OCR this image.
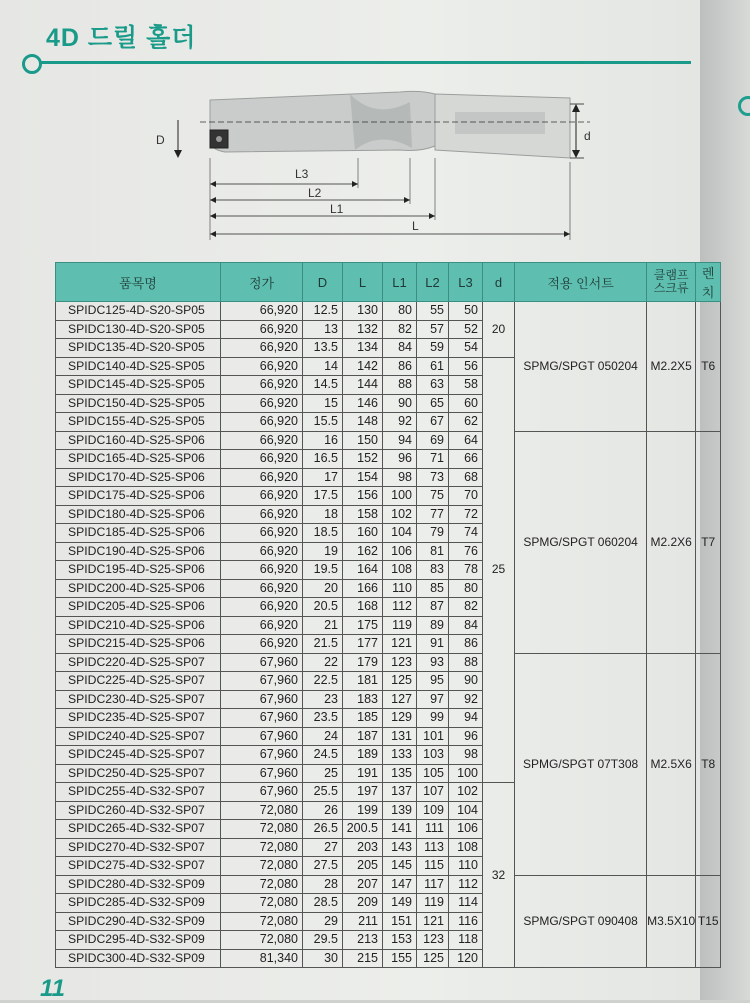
4D 드릴 홀더
D	d
L3
L2
L1
L
품목명	정가	D	L	L1	L2	L3	d	적용 인서트	클램프 스크류	렌치
SPIDC125-4D-S20-SP05	66,920	12.5	130	80	55	50	20	SPMG/SPGT 050204	M2.2X5	T6
SPIDC130-4D-S20-SP05	66,920	13	132	82	57	52				
SPIDC135-4D-S20-SP05	66,920	13.5	134	84	59	54				
SPIDC140-4D-S25-SP05	66,920	14	142	86	61	56	25			
SPIDC145-4D-S25-SP05	66,920	14.5	144	88	63	58				
SPIDC150-4D-S25-SP05	66,920	15	146	90	65	60				
SPIDC155-4D-S25-SP05	66,920	15.5	148	92	67	62				
SPIDC160-4D-S25-SP06	66,920	16	150	94	69	64		SPMG/SPGT 060204	M2.2X6	T7
SPIDC165-4D-S25-SP06	66,920	16.5	152	96	71	66				
SPIDC170-4D-S25-SP06	66,920	17	154	98	73	68				
SPIDC175-4D-S25-SP06	66,920	17.5	156	100	75	70				
SPIDC180-4D-S25-SP06	66,920	18	158	102	77	72				
SPIDC185-4D-S25-SP06	66,920	18.5	160	104	79	74				
SPIDC190-4D-S25-SP06	66,920	19	162	106	81	76				
SPIDC195-4D-S25-SP06	66,920	19.5	164	108	83	78				
SPIDC200-4D-S25-SP06	66,920	20	166	110	85	80				
SPIDC205-4D-S25-SP06	66,920	20.5	168	112	87	82				
SPIDC210-4D-S25-SP06	66,920	21	175	119	89	84				
SPIDC215-4D-S25-SP06	66,920	21.5	177	121	91	86				
SPIDC220-4D-S25-SP07	67,960	22	179	123	93	88		SPMG/SPGT 07T308	M2.5X6	T8
SPIDC225-4D-S25-SP07	67,960	22.5	181	125	95	90				
SPIDC230-4D-S25-SP07	67,960	23	183	127	97	92				
SPIDC235-4D-S25-SP07	67,960	23.5	185	129	99	94				
SPIDC240-4D-S25-SP07	67,960	24	187	131	101	96				
SPIDC245-4D-S25-SP07	67,960	24.5	189	133	103	98				
SPIDC250-4D-S25-SP07	67,960	25	191	135	105	100				
SPIDC255-4D-S32-SP07	67,960	25.5	197	137	107	102	32			
SPIDC260-4D-S32-SP07	72,080	26	199	139	109	104				
SPIDC265-4D-S32-SP07	72,080	26.5	200.5	141	111	106				
SPIDC270-4D-S32-SP07	72,080	27	203	143	113	108				
SPIDC275-4D-S32-SP07	72,080	27.5	205	145	115	110				
SPIDC280-4D-S32-SP09	72,080	28	207	147	117	112		SPMG/SPGT 090408	M3.5X10	T15
SPIDC285-4D-S32-SP09	72,080	28.5	209	149	119	114				
SPIDC290-4D-S32-SP09	72,080	29	211	151	121	116				
SPIDC295-4D-S32-SP09	72,080	29.5	213	153	123	118				
SPIDC300-4D-S32-SP09	81,340	30	215	155	125	120				
11
